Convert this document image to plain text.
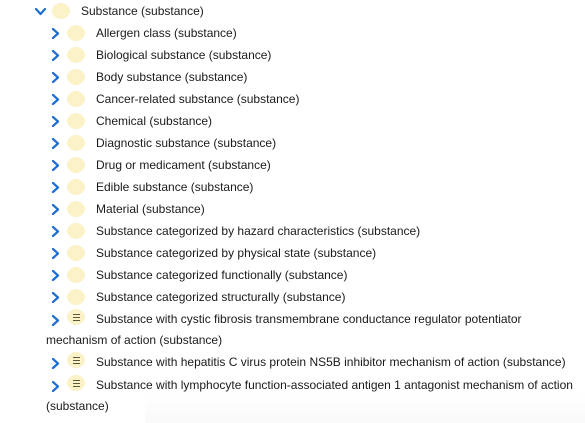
Substance (substance)
Allergen class (substance)
Biological substance (substance)
Body substance (substance)
Cancer-related substance (substance)
Chemical (substance)
Diagnostic substance (substance)
Drug or medicament (substance)
Edible substance (substance)
Material (substance)
Substance categorized by hazard characteristics (substance)
Substance categorized by physical state (substance)
Substance categorized functionally (substance)
Substance categorized structurally (substance)
Substance with cystic fibrosis transmembrane conductance regulator potentiator mechanism of action (substance)
Substance with hepatitis C virus protein NS5B inhibitor mechanism of action (substance)
Substance with lymphocyte function-associated antigen 1 antagonist mechanism of action (substance)
